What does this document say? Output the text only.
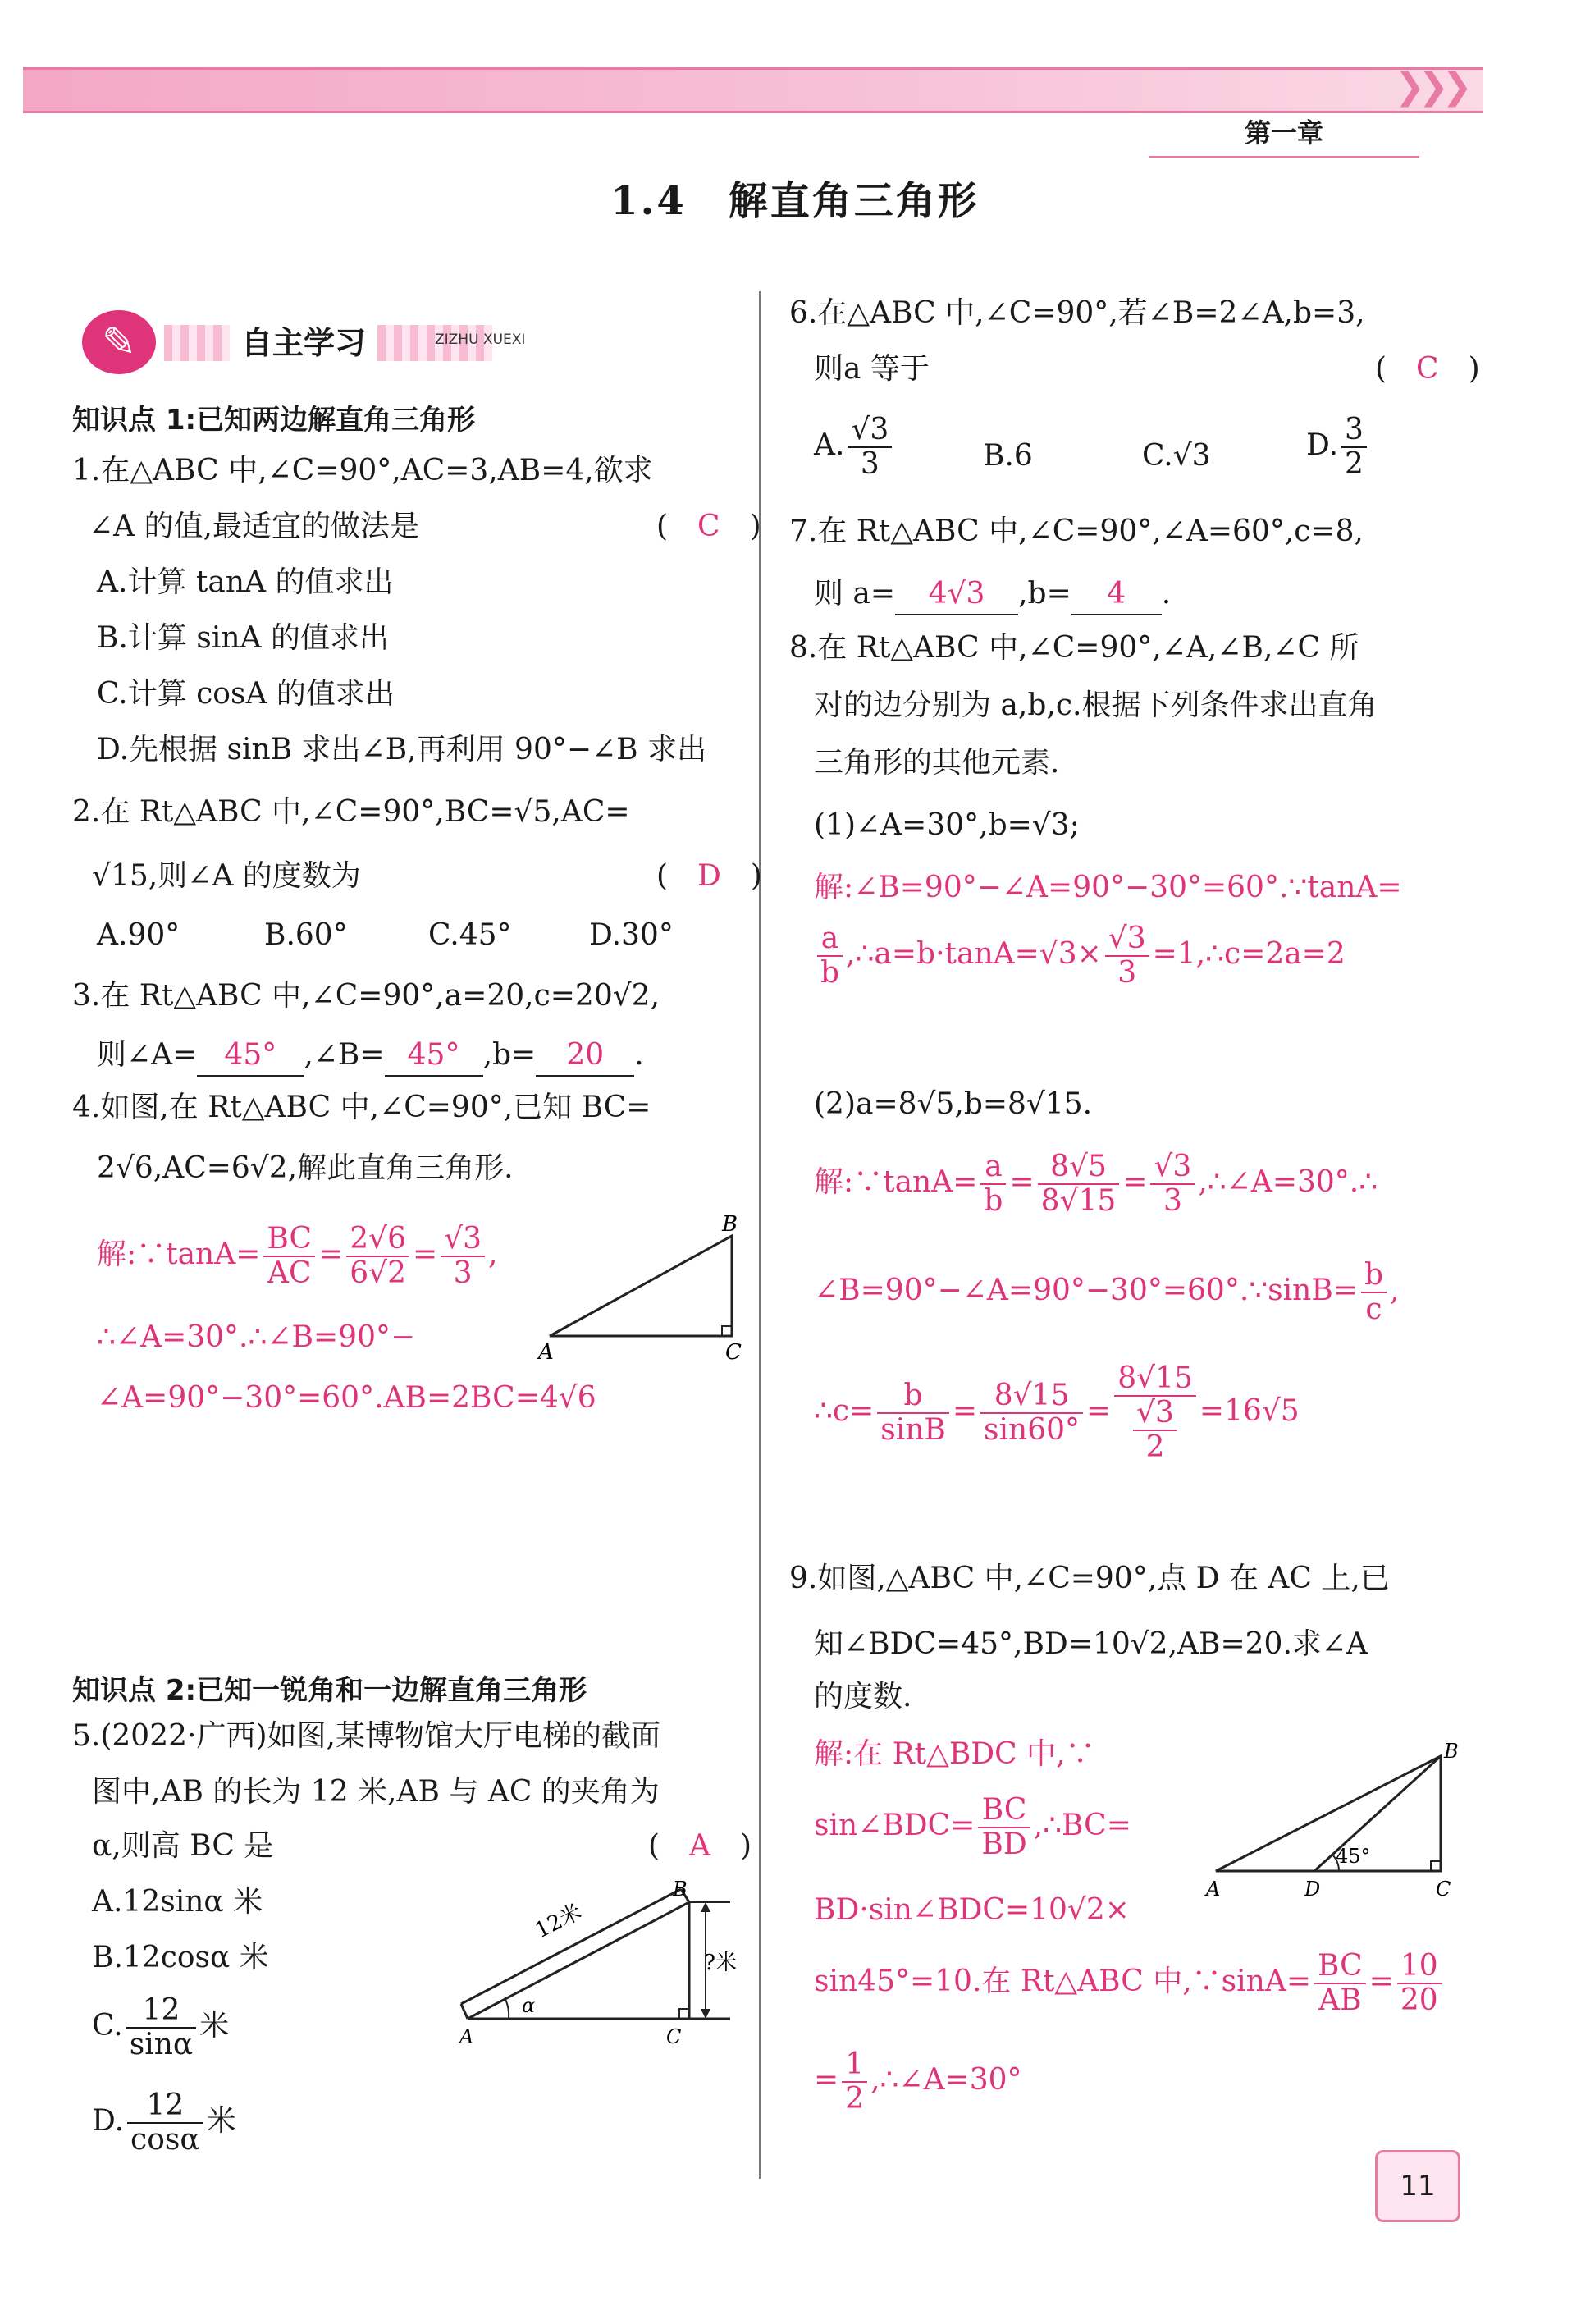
❯❯❯
第一章
1.4　解直角三角形
✎	自主学习	ZIZHU XUEXI
知识点 1:已知两边解直角三角形
1.在△ABC 中,∠C=90°,AC=3,AB=4,欲求
∠A 的值,最适宜的做法是	(　C　)
A.计算 tanA 的值求出
B.计算 sinA 的值求出
C.计算 cosA 的值求出
D.先根据 sinB 求出∠B,再利用 90°−∠B 求出
2.在 Rt△ABC 中,∠C=90°,BC=√5,AC=
√15,则∠A 的度数为	(　D　)
A.90°	B.60°	C.45°	D.30°
3.在 Rt△ABC 中,∠C=90°,a=20,c=20√2,
则∠A= 45° ,∠B= 45° ,b= 20 .
4.如图,在 Rt△ABC 中,∠C=90°,已知 BC=
2√6,AC=6√2,解此直角三角形.
解:∵tanA= $\frac{BC}{AC} = \frac{2√6}{6√2} = \frac{√3}{3}$ ,
∴∠A=30°.∴∠B=90°−
∠A=90°−30°=60°.AB=2BC=4√6
A
B
C
知识点 2:已知一锐角和一边解直角三角形
5.(2022·广西)如图,某博物馆大厅电梯的截面
图中,AB 的长为 12 米,AB 与 AC 的夹角为
α,则高 BC 是	(　A　)
A.12sinα 米
B.12cosα 米
C. $\frac{12}{\sin\alpha}$ 米
D. $\frac{12}{\cos\alpha}$ 米
α
12米
?米
A
B
C
6.在△ABC 中,∠C=90°,若∠B=2∠A,b=3,
则a 等于	(　C　)
A. $\frac{√3}{3}$	B.6	C.√3	D. $\frac{3}{2}$
7.在 Rt△ABC 中,∠C=90°,∠A=60°,c=8,
则 a= 4√3 ,b= 4 .
8.在 Rt△ABC 中,∠C=90°,∠A,∠B,∠C 所
对的边分别为 a,b,c.根据下列条件求出直角
三角形的其他元素.
(1)∠A=30°,b=√3;
解:∠B=90°−∠A=90°−30°=60°.∵tanA=
$\frac{a}{b}$ ,∴a=b·tanA=√3× $\frac{√3}{3}$ =1,∴c=2a=2
(2)a=8√5,b=8√15.
解:∵tanA= $\frac{a}{b} = \frac{8√5}{8√15} = \frac{√3}{3}$ ,∴∠A=30°.∴
∠B=90°−∠A=90°−30°=60°.∵sinB= $\frac{b}{c}$ ,
∴c= $\frac{b}{\sin B} = \frac{8√15}{\sin 60^\circ} = \frac{8√15}{\frac{√3}{2}} =16√5$
9.如图,△ABC 中,∠C=90°,点 D 在 AC 上,已
知∠BDC=45°,BD=10√2,AB=20.求∠A
的度数.
解:在 Rt△BDC 中,∵
sin∠BDC= $\frac{BC}{BD}$ ,∴BC=
BD·sin∠BDC=10√2×
sin45°=10.在 Rt△ABC 中,∵sinA= $\frac{BC}{AB} = \frac{10}{20}$
= $\frac{1}{2}$ ,∴∠A=30°
45°
A	D
B
C
11
